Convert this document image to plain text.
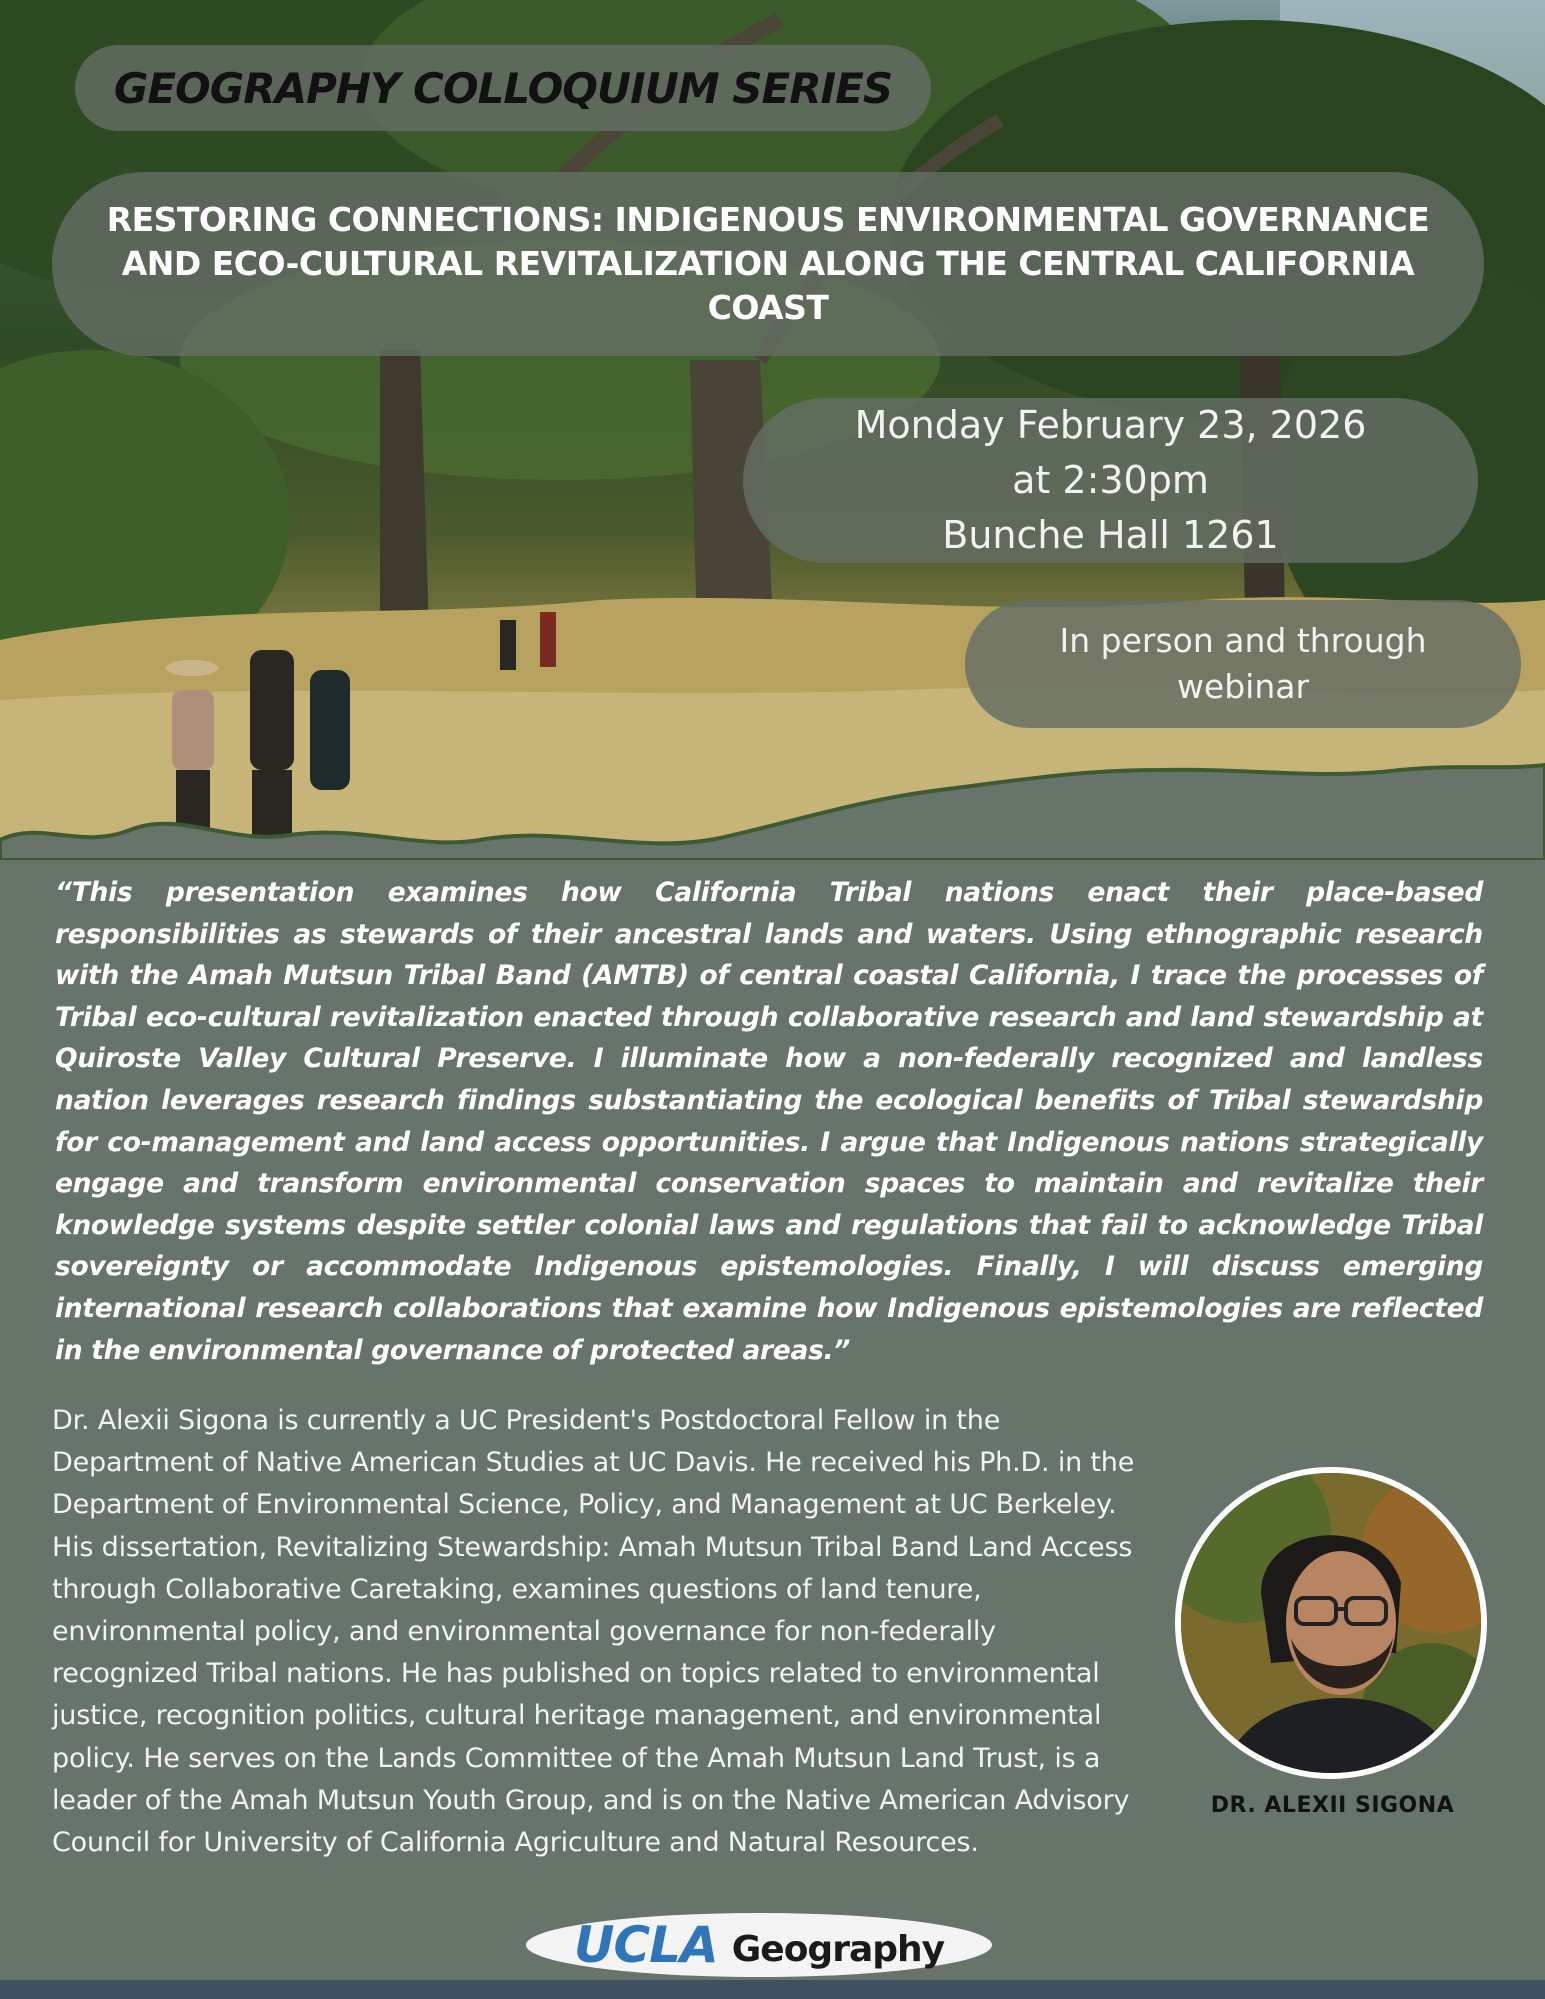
GEOGRAPHY COLLOQUIUM SERIES
RESTORING CONNECTIONS: INDIGENOUS ENVIRONMENTAL GOVERNANCE AND ECO-CULTURAL REVITALIZATION ALONG THE CENTRAL CALIFORNIA COAST
Monday February 23, 2026
at 2:30pm
Bunche Hall 1261
In person and through
webinar
“This presentation examines how California Tribal nations enact their place-based responsibilities as stewards of their ancestral lands and waters. Using ethnographic research with the Amah Mutsun Tribal Band (AMTB) of central coastal California, I trace the processes of Tribal eco-cultural revitalization enacted through collaborative research and land stewardship at Quiroste Valley Cultural Preserve. I illuminate how a non-federally recognized and landless nation leverages research findings substantiating the ecological benefits of Tribal stewardship for co-management and land access opportunities. I argue that Indigenous nations strategically engage and transform environmental conservation spaces to maintain and revitalize their knowledge systems despite settler colonial laws and regulations that fail to acknowledge Tribal sovereignty or accommodate Indigenous epistemologies. Finally, I will discuss emerging international research collaborations that examine how Indigenous epistemologies are reflected in the environmental governance of protected areas.”
Dr. Alexii Sigona is currently a UC President's Postdoctoral Fellow in the Department of Native American Studies at UC Davis. He received his Ph.D. in the Department of Environmental Science, Policy, and Management at UC Berkeley. His dissertation, Revitalizing Stewardship: Amah Mutsun Tribal Band Land Access through Collaborative Caretaking, examines questions of land tenure, environmental policy, and environmental governance for non-federally recognized Tribal nations. He has published on topics related to environmental justice, recognition politics, cultural heritage management, and environmental policy. He serves on the Lands Committee of the Amah Mutsun Land Trust, is a leader of the Amah Mutsun Youth Group, and is on the Native American Advisory Council for University of California Agriculture and Natural Resources.
DR. ALEXII SIGONA
UCLA Geography
